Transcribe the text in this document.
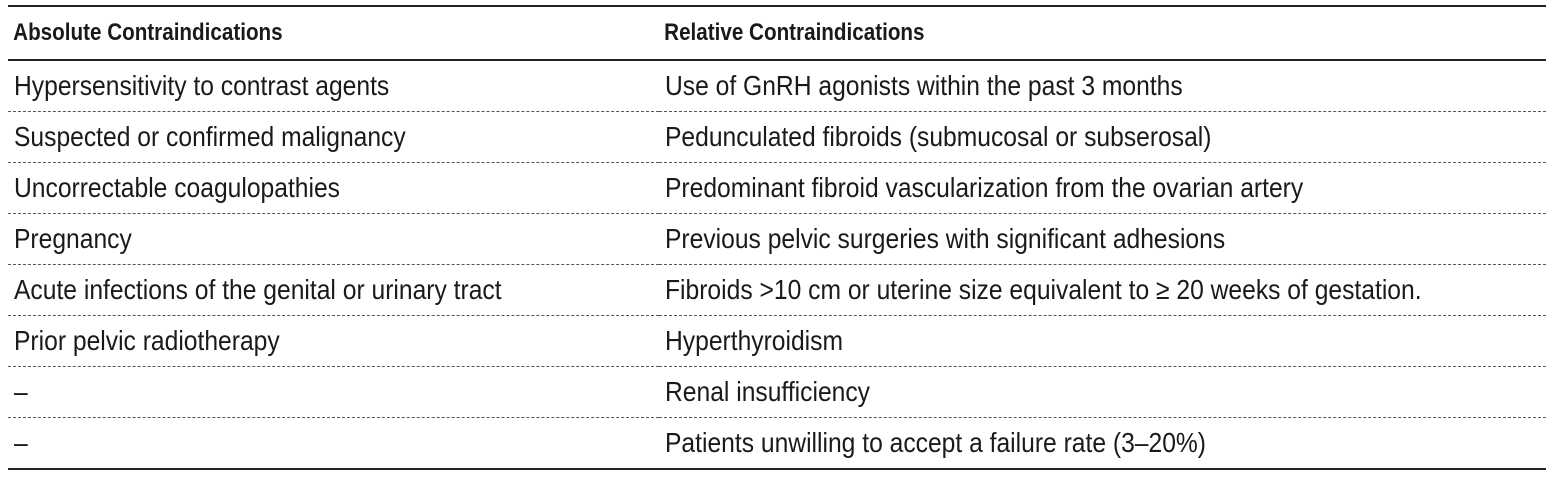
Absolute Contraindications	Relative Contraindications
Hypersensitivity to contrast agents	Use of GnRH agonists within the past 3 months
Suspected or confirmed malignancy	Pedunculated fibroids (submucosal or subserosal)
Uncorrectable coagulopathies	Predominant fibroid vascularization from the ovarian artery
Pregnancy	Previous pelvic surgeries with significant adhesions
Acute infections of the genital or urinary tract	Fibroids >10 cm or uterine size equivalent to ≥ 20 weeks of gestation.
Prior pelvic radiotherapy	Hyperthyroidism
–	Renal insufficiency
–	Patients unwilling to accept a failure rate (3–20%)
